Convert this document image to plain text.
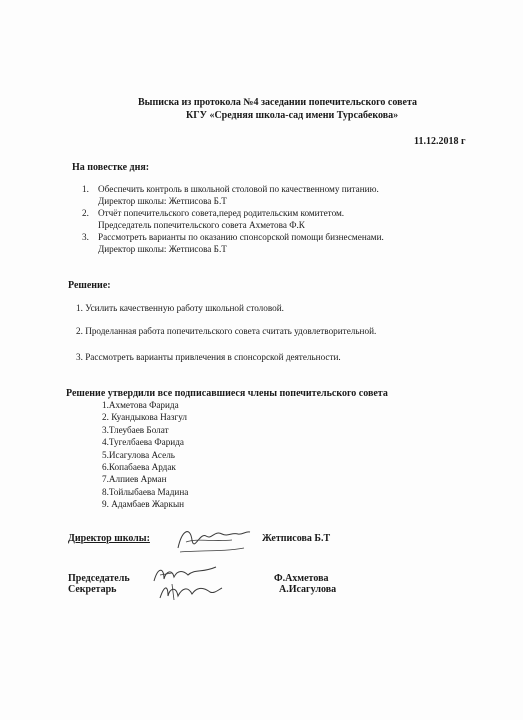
Выписка из протокола №4 заседании попечительского совета
КГУ «Средняя школа-сад имени Турсабекова»
11.12.2018 г
На повестке дня:
1. Обеспечить контроль в школьной столовой по качественному питанию.
Директор школы: Жетписова Б.Т
2. Отчёт попечительского совета,перед родительским комитетом.
Председатель попечительского совета Ахметова Ф.К
3. Рассмотреть варианты по оказанию спонсорской помощи бизнесменами.
Директор школы: Жетписова Б.Т
Решение:
1. Усилить качественную работу школьной столовой.
2. Проделанная работа попечительского совета считать удовлетворительной.
3. Рассмотреть варианты привлечения в спонсорской деятельности.
Решение утвердили все подписавшиеся члены попечительского совета
1.Ахметова Фарида
2. Куандыкова Назгул
3.Тлеубаев Болат
4.Тугелбаева Фарида
5.Исагулова Асель
6.Копабаева Ардак
7.Алпиев Арман
8.Тойлыбаева Мадина
9. Адамбаев Жаркын
Директор школы:	Жетписова Б.Т
Председатель	Ф.Ахметова
Секретарь	А.Исагулова
